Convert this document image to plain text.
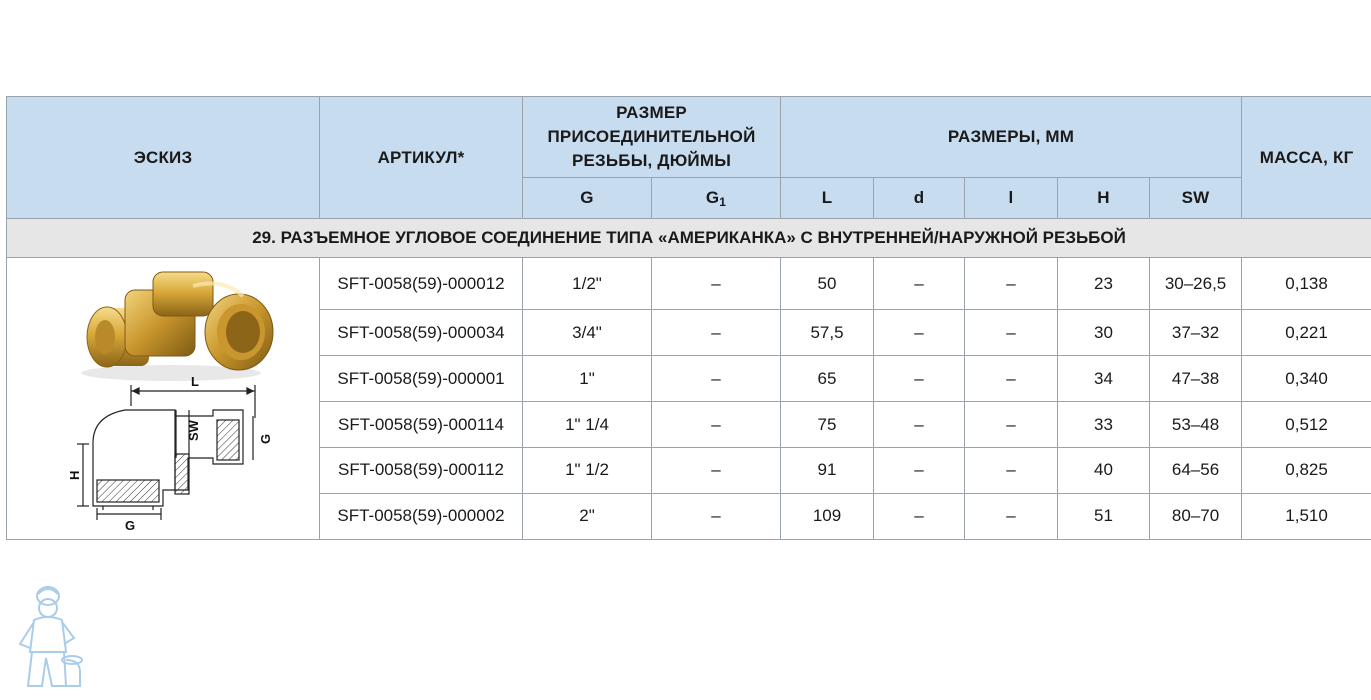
ЭСКИЗ	АРТИКУЛ*	РАЗМЕР
ПРИСОЕДИНИТЕЛЬНОЙ
РЕЗЬБЫ, ДЮЙМЫ		РАЗМЕРЫ, ММ					МАССА, КГ
		G	G1	L	d	l	H	SW	
29. РАЗЪЕМНОЕ УГЛОВОЕ СОЕДИНЕНИЕ ТИПА «АМЕРИКАНКА» С ВНУТРЕННЕЙ/НАРУЖНОЙ РЕЗЬБОЙ									

L
SW G
H
G	SFT-0058(59)-000012	1/2"	–	50	–	–	23	30–26,5	0,138
	SFT-0058(59)-000034	3/4"	–	57,5	–	–	30	37–32	0,221
	SFT-0058(59)-000001	1"	–	65	–	–	34	47–38	0,340
	SFT-0058(59)-000114	1" 1/4	–	75	–	–	33	53–48	0,512
	SFT-0058(59)-000112	1" 1/2	–	91	–	–	40	64–56	0,825
	SFT-0058(59)-000002	2"	–	109	–	–	51	80–70	1,510
